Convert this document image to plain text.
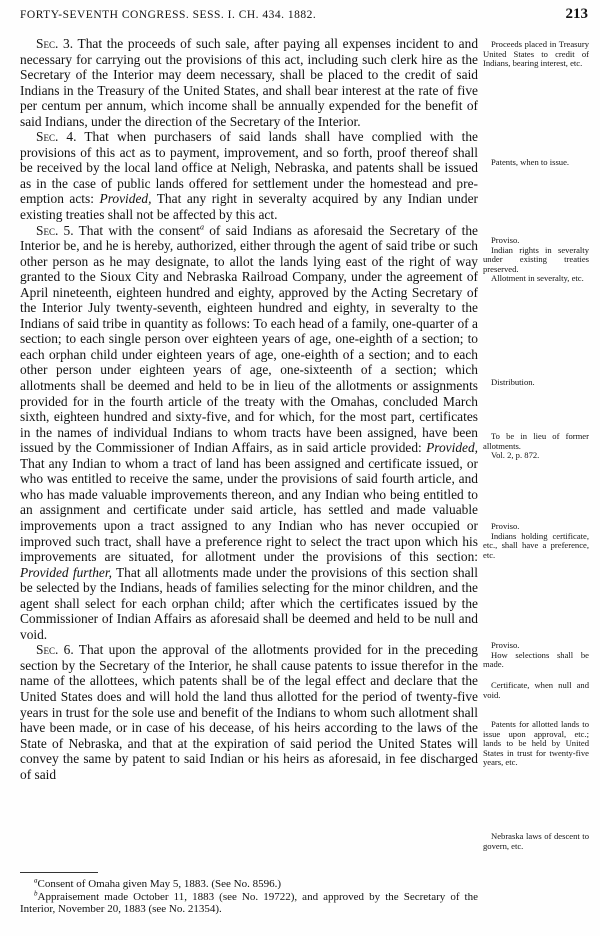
FORTY-SEVENTH CONGRESS. SESS. I. CH. 434. 1882.	213

Sec. 3. That the proceeds of such sale, after paying all expenses incident to and necessary for carrying out the provisions of this act, including such clerk hire as the Secretary of the Interior may deem necessary, shall be placed to the credit of said Indians in the Treasury of the United States, and shall bear interest at the rate of five per centum per annum, which income shall be annually expended for the benefit of said Indians, under the direction of the Secretary of the Interior.

Sec. 4. That when purchasers of said lands shall have complied with the provisions of this act as to payment, improvement, and so forth, proof thereof shall be received by the local land office at Neligh, Nebraska, and patents shall be issued as in the case of public lands offered for settlement under the homestead and pre-emption acts: Provided, That any right in severalty acquired by any Indian under existing treaties shall not be affected by this act.

Sec. 5. That with the consent$^a$ of said Indians as aforesaid the Secretary of the Interior be, and he is hereby, authorized, either through the agent of said tribe or such other person as he may designate, to allot the lands lying east of the right of way granted to the Sioux City and Nebraska Railroad Company, under the agreement of April nineteenth, eighteen hundred and eighty, approved by the Acting Secretary of the Interior July twenty-seventh, eighteen hundred and eighty, in severalty to the Indians of said tribe in quantity as follows: To each head of a family, one-quarter of a section; to each single person over eighteen years of age, one-eighth of a section; to each orphan child under eighteen years of age, one-eighth of a section; and to each other person under eighteen years of age, one-sixteenth of a section; which allotments shall be deemed and held to be in lieu of the allotments or assignments provided for in the fourth article of the treaty with the Omahas, concluded March sixth, eighteen hundred and sixty-five, and for which, for the most part, certificates in the names of individual Indians to whom tracts have been assigned, have been issued by the Commissioner of Indian Affairs, as in said article provided: Provided, That any Indian to whom a tract of land has been assigned and certificate issued, or who was entitled to receive the same, under the provisions of said fourth article, and who has made valuable improvements thereon, and any Indian who being entitled to an assignment and certificate under said article, has settled and made valuable improvements upon a tract assigned to any Indian who has never occupied or improved such tract, shall have a preference right to select the tract upon which his improvements are situated, for allotment under the provisions of this section: Provided further, That all allotments made under the provisions of this section shall be selected by the Indians, heads of families selecting for the minor children, and the agent shall select for each orphan child; after which the certificates issued by the Commissioner of Indian Affairs as aforesaid shall be deemed and held to be null and void.

Sec. 6. That upon the approval of the allotments provided for in the preceding section by the Secretary of the Interior, he shall cause patents to issue therefor in the name of the allottees, which patents shall be of the legal effect and declare that the United States does and will hold the land thus allotted for the period of twenty-five years in trust for the sole use and benefit of the Indians to whom such allotment shall have been made, or in case of his decease, of his heirs according to the laws of the State of Nebraska, and that at the expiration of said period the United States will convey the same by patent to said Indian or his heirs as aforesaid, in fee discharged of said

Proceeds placed in Treasury United States to credit of Indians, bearing interest, etc.
Patents, when to issue.
Proviso.
Indian rights in severalty under existing treaties preserved.
Allotment in severalty, etc.
Distribution.
To be in lieu of former allotments.
Vol. 2, p. 872.
Proviso.
Indians holding certificate, etc., shall have a preference, etc.
Proviso.
How selections shall be made.
Certificate, when null and void.
Patents for allotted lands to issue upon approval, etc.; lands to be held by United States in trust for twenty-five years, etc.
Nebraska laws of descent to govern, etc.

$^a$Consent of Omaha given May 5, 1883. (See No. 8596.)

$^b$Appraisement made October 11, 1883 (see No. 19722), and approved by the Secretary of the Interior, November 20, 1883 (see No. 21354).
